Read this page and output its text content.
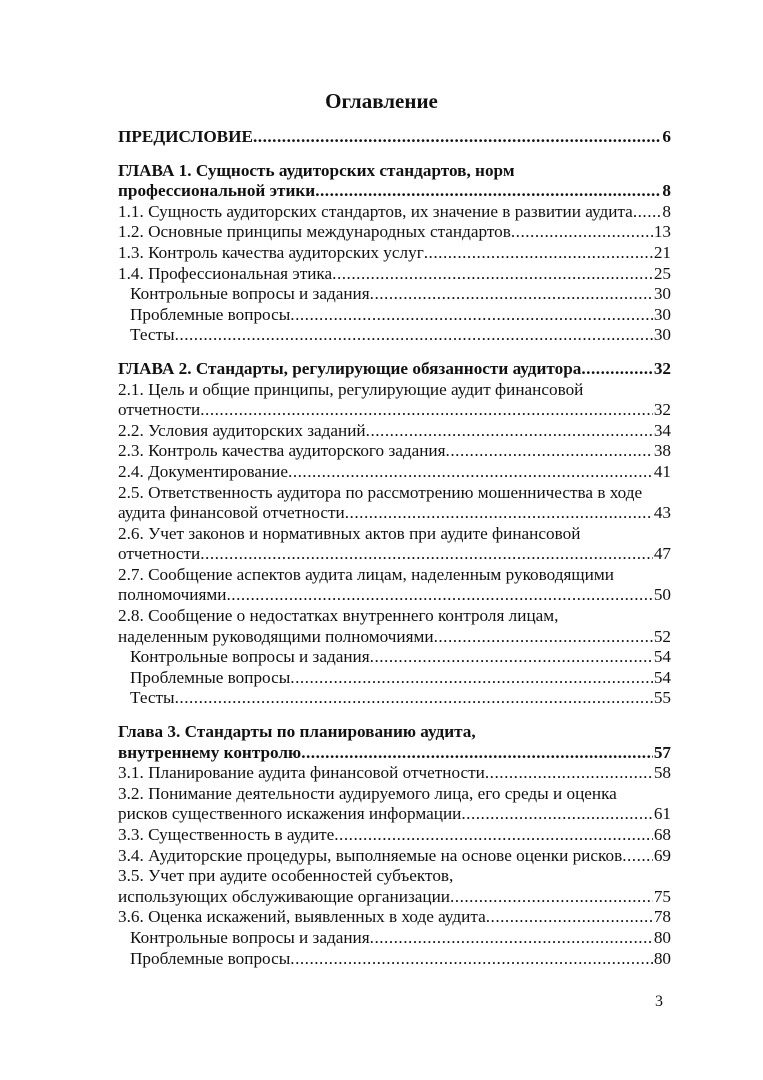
Оглавление
ПРЕДИСЛОВИЕ .....	6
ГЛАВА 1. Сущность аудиторских стандартов, норм
профессиональной этики .....	8
1.1. Сущность аудиторских стандартов, их значение в развитии аудита ..... 8
1.2. Основные принципы международных стандартов .....	13
1.3. Контроль качества аудиторских услуг .....	21
1.4. Профессиональная этика .....	25
Контрольные вопросы и задания .....	30
Проблемные вопросы .....	30
Тесты .....	30
ГЛАВА 2. Стандарты, регулирующие обязанности аудитора .....	32
2.1. Цель и общие принципы, регулирующие аудит финансовой
отчетности .....	32
2.2. Условия аудиторских заданий .....	34
2.3. Контроль качества аудиторского задания .....	38
2.4. Документирование .....	41
2.5. Ответственность аудитора по рассмотрению мошенничества в ходе
аудита финансовой отчетности .....	43
2.6. Учет законов и нормативных актов при аудите финансовой
отчетности .....	47
2.7. Сообщение аспектов аудита лицам, наделенным руководящими
полномочиями .....	50
2.8. Сообщение о недостатках внутреннего контроля лицам,
наделенным руководящими полномочиями .....	52
Контрольные вопросы и задания .....	54
Проблемные вопросы .....	54
Тесты .....	55
Глава 3. Стандарты по планированию аудита,
внутреннему контролю .....	57
3.1. Планирование аудита финансовой отчетности .....	58
3.2. Понимание деятельности аудируемого лица, его среды и оценка
рисков существенного искажения информации .....	61
3.3. Существенность в аудите .....	68
3.4. Аудиторские процедуры, выполняемые на основе оценки рисков ..... 69
3.5. Учет при аудите особенностей субъектов,
использующих обслуживающие организации .....	75
3.6. Оценка искажений, выявленных в ходе аудита .....	78
Контрольные вопросы и задания .....	80
Проблемные вопросы .....	80
3
